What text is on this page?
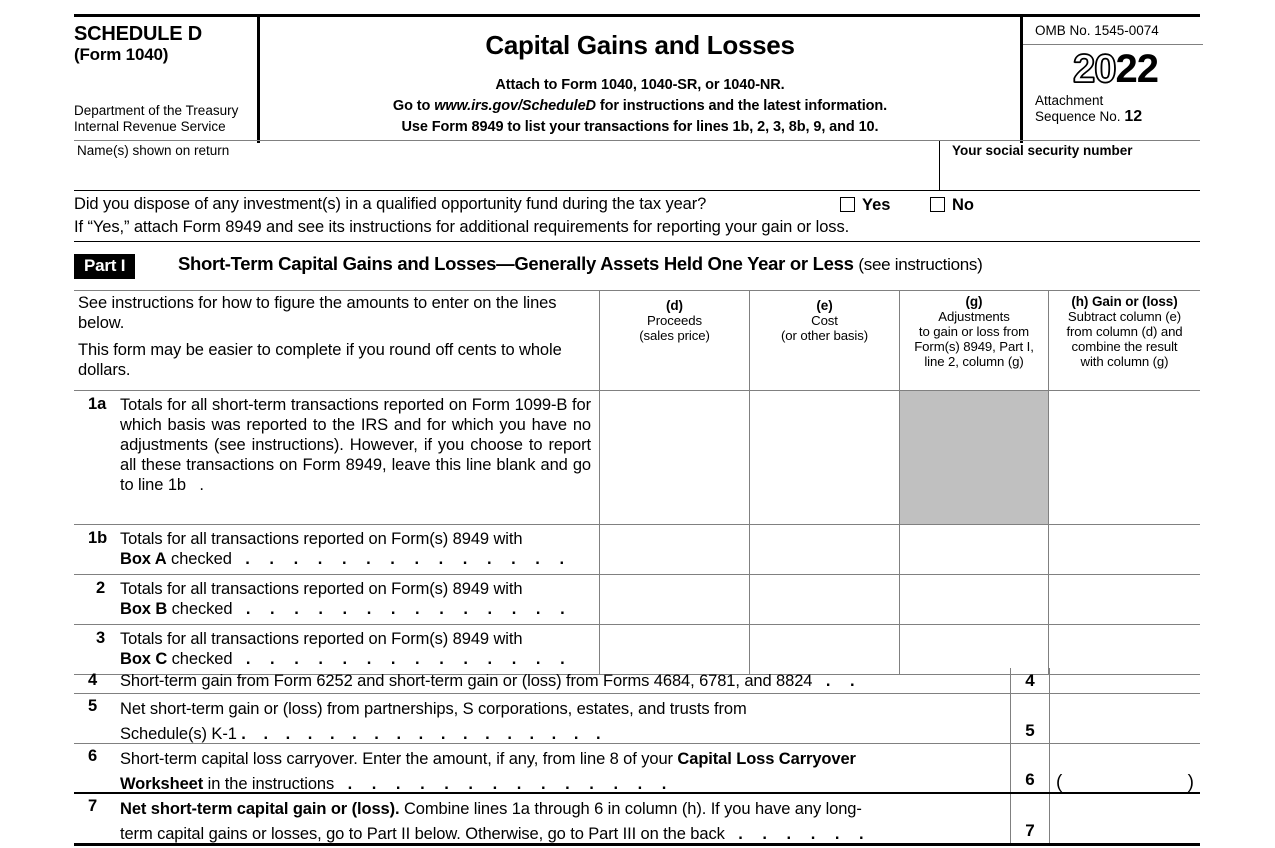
SCHEDULE D
(Form 1040)
Department of the Treasury
Internal Revenue Service
Capital Gains and Losses
Attach to Form 1040, 1040-SR, or 1040-NR.
Go to www.irs.gov/ScheduleD for instructions and the latest information.
Use Form 8949 to list your transactions for lines 1b, 2, 3, 8b, 9, and 10.
OMB No. 1545-0074
2022
Attachment
Sequence No. 12
Name(s) shown on return	Your social security number
Did you dispose of any investment(s) in a qualified opportunity fund during the tax year?	Yes	No
If “Yes,” attach Form 8949 and see its instructions for additional requirements for reporting your gain or loss.
Part I	Short-Term Capital Gains and Losses—Generally Assets Held One Year or Less (see instructions)

See instructions for how to figure the amounts to enter on the lines below.

This form may be easier to complete if you round off cents to whole dollars.

(d)
Proceeds
(sales price)
(e)
Cost
(or other basis)
(g)
Adjustments
to gain or loss from
Form(s) 8949, Part I,
line 2, column (g)
(h) Gain or (loss)
Subtract column (e)
from column (d) and
combine the result
with column (g)
1a Totals for all short-term transactions reported on Form 1099-B for which basis was reported to the IRS and for which you have no adjustments (see instructions). However, if you choose to report all these transactions on Form 8949, leave this line blank and go to line 1b .
1b Totals for all transactions reported on Form(s) 8949 with
Box A checked . . . . . . . . . . . . . .
2 Totals for all transactions reported on Form(s) 8949 with
Box B checked . . . . . . . . . . . . . .
3 Totals for all transactions reported on Form(s) 8949 with
Box C checked . . . . . . . . . . . . . .
4 Short-term gain from Form 6252 and short-term gain or (loss) from Forms 4684, 6781, and 8824 . .	4
5 Net short-term gain or (loss) from partnerships, S corporations, estates, and trusts from
Schedule(s) K-1 . . . . . . . . . . . . . . . . .	5
6 Short-term capital loss carryover. Enter the amount, if any, from line 8 of your Capital Loss Carryover
Worksheet in the instructions . . . . . . . . . . . . . .	6	(	)
7 Net short-term capital gain or (loss). Combine lines 1a through 6 in column (h). If you have any long-
term capital gains or losses, go to Part II below. Otherwise, go to Part III on the back . . . . . .	7
